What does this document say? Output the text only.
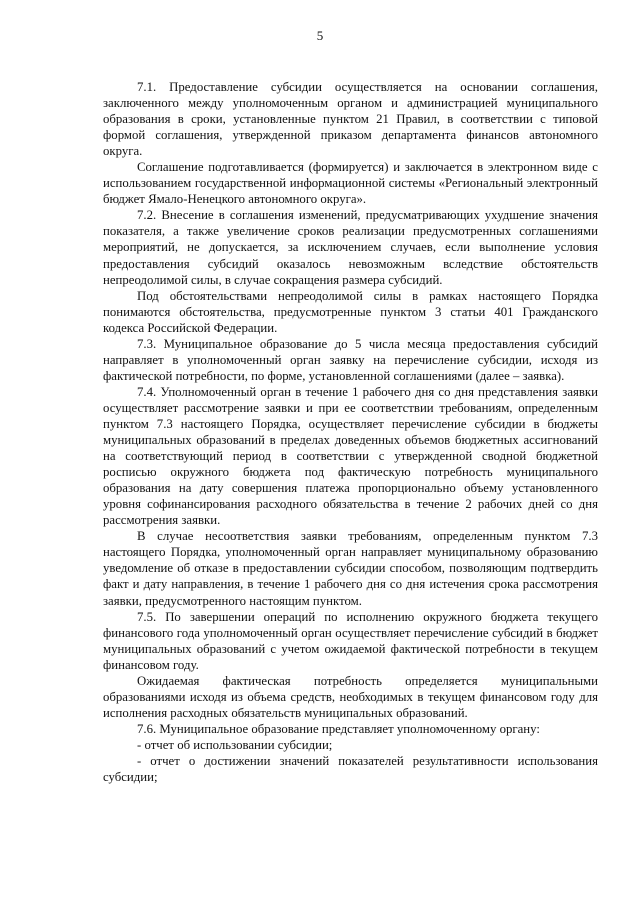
5

7.1. Предоставление субсидии осуществляется на основании соглашения, заключенного между уполномоченным органом и администрацией муниципального образования в сроки, установленные пунктом 21 Правил, в соответствии с типовой формой соглашения, утвержденной приказом департамента финансов автономного округа.

Соглашение подготавливается (формируется) и заключается в электронном виде с использованием государственной информационной системы «Региональный электронный бюджет Ямало-Ненецкого автономного округа».

7.2. Внесение в соглашения изменений, предусматривающих ухудшение значения показателя, а также увеличение сроков реализации предусмотренных соглашениями мероприятий, не допускается, за исключением случаев, если выполнение условия предоставления субсидий оказалось невозможным вследствие обстоятельств непреодолимой силы, в случае сокращения размера субсидий.

Под обстоятельствами непреодолимой силы в рамках настоящего Порядка понимаются обстоятельства, предусмотренные пунктом 3 статьи 401 Гражданского кодекса Российской Федерации.

7.3. Муниципальное образование до 5 числа месяца предоставления субсидий направляет в уполномоченный орган заявку на перечисление субсидии, исходя из фактической потребности, по форме, установленной соглашениями (далее – заявка).

7.4. Уполномоченный орган в течение 1 рабочего дня со дня представления заявки осуществляет рассмотрение заявки и при ее соответствии требованиям, определенным пунктом 7.3 настоящего Порядка, осуществляет перечисление субсидии в бюджеты муниципальных образований в пределах доведенных объемов бюджетных ассигнований на соответствующий период в соответствии с утвержденной сводной бюджетной росписью окружного бюджета под фактическую потребность муниципального образования на дату совершения платежа пропорционально объему установленного уровня софинансирования расходного обязательства в течение 2 рабочих дней со дня рассмотрения заявки.

В случае несоответствия заявки требованиям, определенным пунктом 7.3 настоящего Порядка, уполномоченный орган направляет муниципальному образованию уведомление об отказе в предоставлении субсидии способом, позволяющим подтвердить факт и дату направления, в течение 1 рабочего дня со дня истечения срока рассмотрения заявки, предусмотренного настоящим пунктом.

7.5. По завершении операций по исполнению окружного бюджета текущего финансового года уполномоченный орган осуществляет перечисление субсидий в бюджет муниципальных образований с учетом ожидаемой фактической потребности в текущем финансовом году.

Ожидаемая фактическая потребность определяется муниципальными образованиями исходя из объема средств, необходимых в текущем финансовом году для исполнения расходных обязательств муниципальных образований.

7.6. Муниципальное образование представляет уполномоченному органу:

- отчет об использовании субсидии;

- отчет о достижении значений показателей результативности использования субсидии;
